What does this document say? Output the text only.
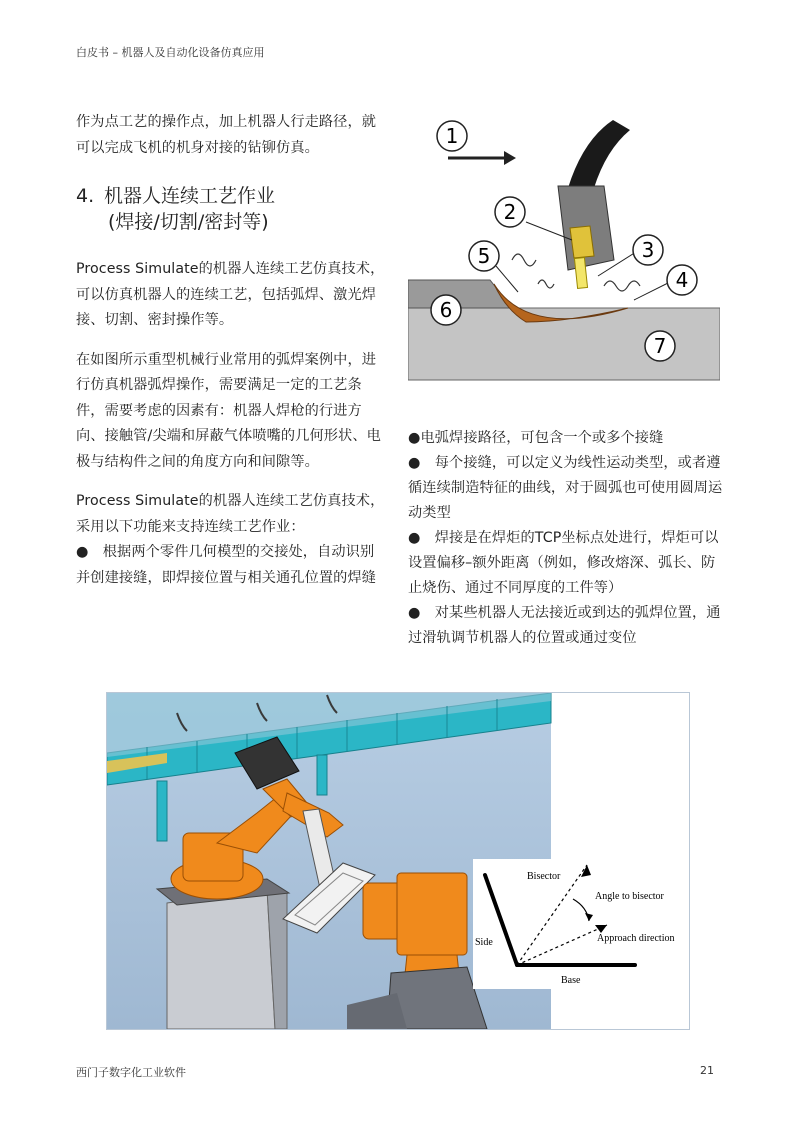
白皮书 – 机器人及自动化设备仿真应用

作为点工艺的操作点，加上机器人行走路径，就可以完成飞机的机身对接的钻铆仿真。

4. 机器人连续工艺作业
(焊接/切割/密封等)

Process Simulate的机器人连续工艺仿真技术，可以仿真机器人的连续工艺，包括弧焊、激光焊接、切割、密封操作等。

在如图所示重型机械行业常用的弧焊案例中，进行仿真机器弧焊操作，需要满足一定的工艺条件，需要考虑的因素有：机器人焊枪的行进方向、接触管/尖端和屏蔽气体喷嘴的几何形状、电极与结构件之间的角度方向和间隙等。

Process Simulate的机器人连续工艺仿真技术，采用以下功能来支持连续工艺作业：

●　根据两个零件几何模型的交接处，自动识别并创建接缝，即焊接位置与相关通孔位置的焊缝

1
2
3
4
5
6
7

●电弧焊接路径，可包含一个或多个接缝

●　每个接缝，可以定义为线性运动类型，或者遵循连续制造特征的曲线，对于圆弧也可使用圆周运动类型

●　焊接是在焊炬的TCP坐标点处进行，焊炬可以设置偏移–额外距离（例如，修改熔深、弧长、防止烧伤、通过不同厚度的工件等）

●　对某些机器人无法接近或到达的弧焊位置，通过滑轨调节机器人的位置或通过变位

Bisector
Angle to bisector
Approach direction
Side
Base
西门子数字化工业软件	21
